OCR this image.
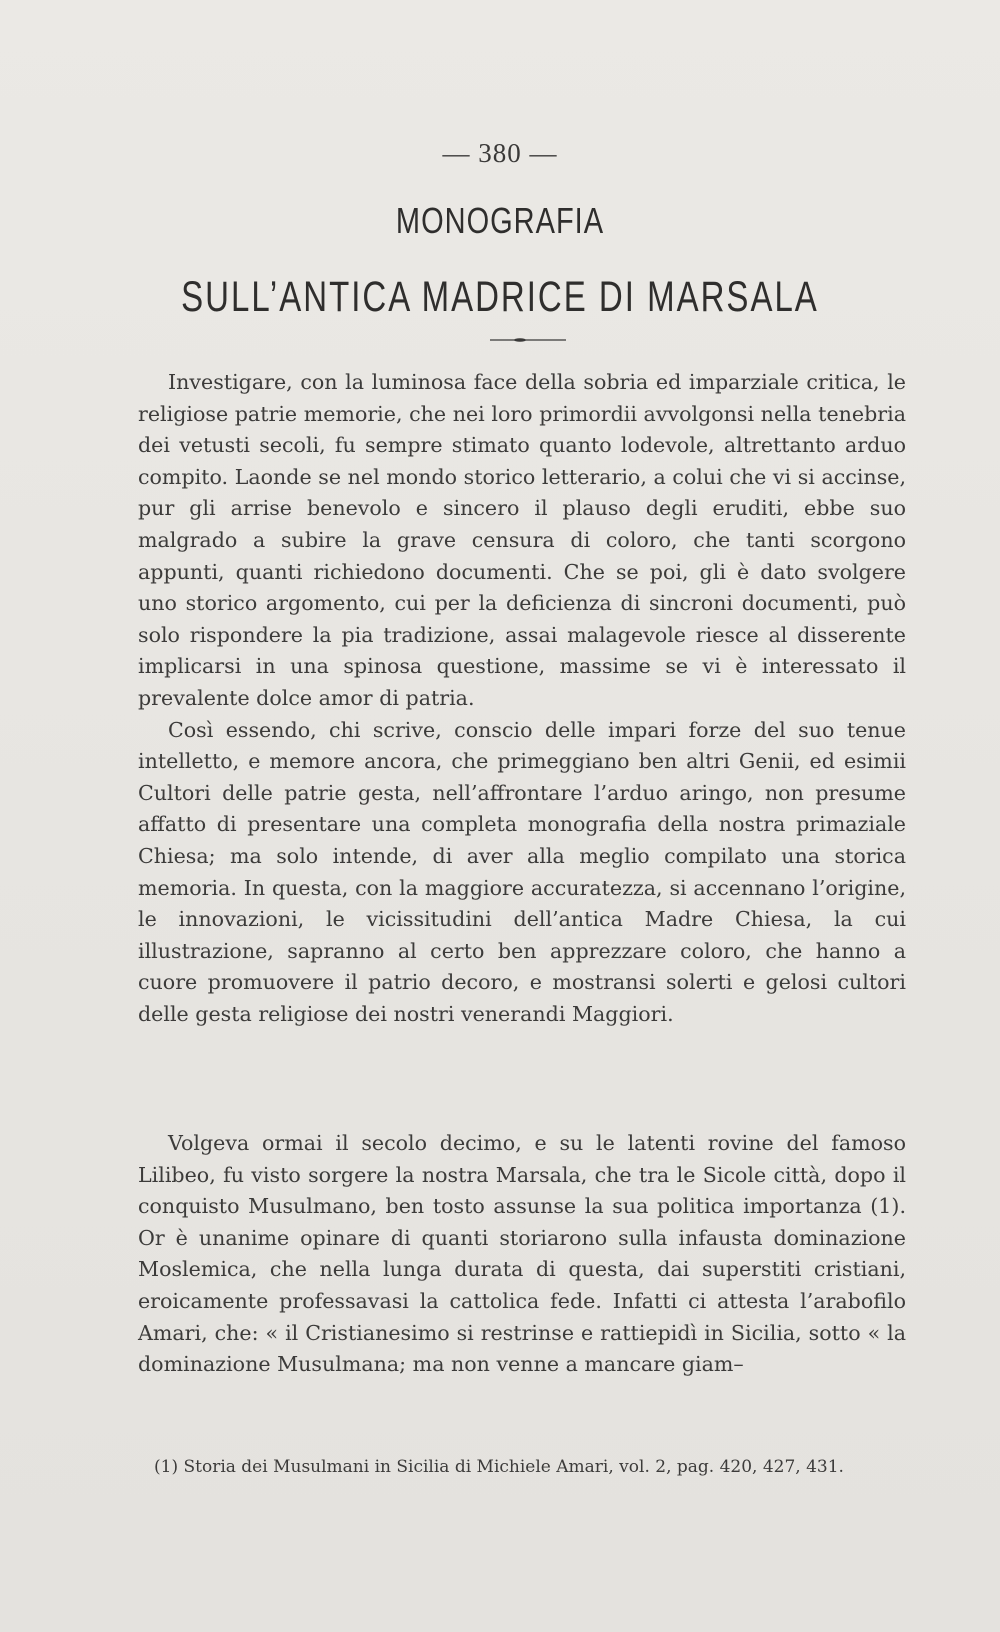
— 380 —
MONOGRAFIA
SULL’ANTICA MADRICE DI MARSALA

Investigare, con la luminosa face della sobria ed imparziale critica, le religiose patrie memorie, che nei loro primordii avvolgonsi nella tenebria dei vetusti secoli, fu sempre stimato quanto lodevole, altrettanto arduo compito. Laonde se nel mondo storico letterario, a colui che vi si accinse, pur gli arrise benevolo e sincero il plauso degli eruditi, ebbe suo malgrado a subire la grave censura di coloro, che tanti scorgono appunti, quanti richiedono documenti. Che se poi, gli è dato svolgere uno storico argomento, cui per la deficienza di sincroni documenti, può solo rispondere la pia tradizione, assai malagevole riesce al disserente implicarsi in una spinosa questione, massime se vi è interessato il prevalente dolce amor di patria.

Così essendo, chi scrive, conscio delle impari forze del suo tenue intelletto, e memore ancora, che primeggiano ben altri Genii, ed esimii Cultori delle patrie gesta, nell’affrontare l’arduo aringo, non presume affatto di presentare una completa monografia della nostra primaziale Chiesa; ma solo intende, di aver alla meglio compilato una storica memoria. In questa, con la maggiore accuratezza, si accennano l’origine, le innovazioni, le vicissitudini dell’antica Madre Chiesa, la cui illustrazione, sapranno al certo ben apprezzare coloro, che hanno a cuore promuovere il patrio decoro, e mostransi solerti e gelosi cultori delle gesta religiose dei nostri venerandi Maggiori.

Volgeva ormai il secolo decimo, e su le latenti rovine del famoso Lilibeo, fu visto sorgere la nostra Marsala, che tra le Sicole città, dopo il conquisto Musulmano, ben tosto assunse la sua politica importanza (1). Or è unanime opinare di quanti storiarono sulla infausta dominazione Moslemica, che nella lunga durata di questa, dai superstiti cristiani, eroicamente professavasi la cattolica fede. Infatti ci attesta l’arabofilo Amari, che: « il Cristianesimo si restrinse e rattiepidì in Sicilia, sotto « la dominazione Musulmana; ma non venne a mancare giam–

(1) Storia dei Musulmani in Sicilia di Michiele Amari, vol. 2, pag. 420, 427, 431.
